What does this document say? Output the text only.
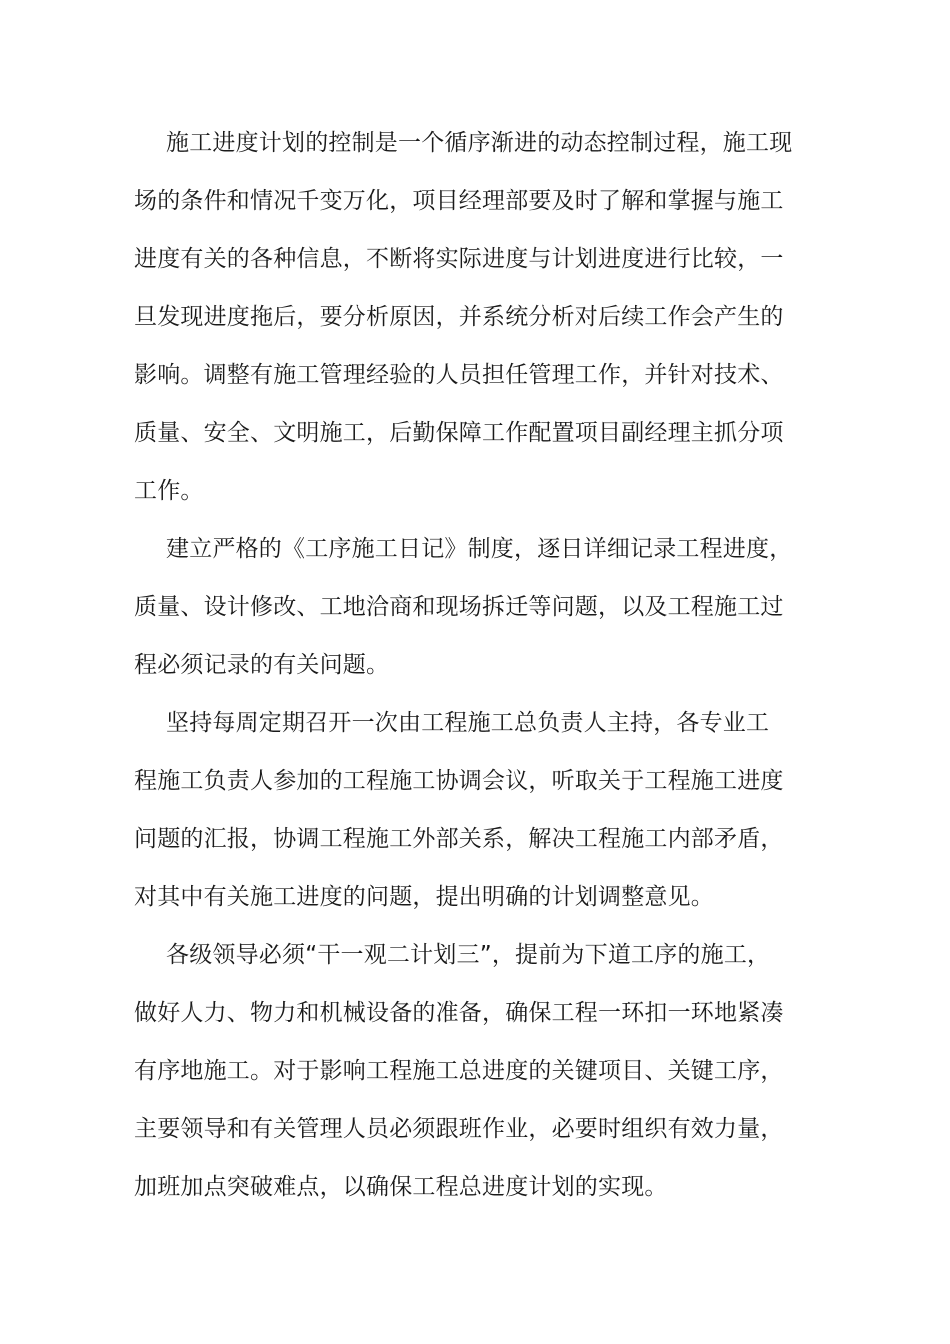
施工进度计划的控制是一个循序渐进的动态控制过程，施工现
场的条件和情况千变万化，项目经理部要及时了解和掌握与施工
进度有关的各种信息，不断将实际进度与计划进度进行比较，一
旦发现进度拖后，要分析原因，并系统分析对后续工作会产生的
影响。调整有施工管理经验的人员担任管理工作，并针对技术、
质量、安全、文明施工，后勤保障工作配置项目副经理主抓分项
工作。

建立严格的《工序施工日记》制度，逐日详细记录工程进度，
质量、设计修改、工地洽商和现场拆迁等问题，以及工程施工过
程必须记录的有关问题。

坚持每周定期召开一次由工程施工总负责人主持，各专业工
程施工负责人参加的工程施工协调会议，听取关于工程施工进度
问题的汇报，协调工程施工外部关系，解决工程施工内部矛盾，
对其中有关施工进度的问题，提出明确的计划调整意见。

各级领导必须“干一观二计划三”，提前为下道工序的施工，
做好人力、物力和机械设备的准备，确保工程一环扣一环地紧凑
有序地施工。对于影响工程施工总进度的关键项目、关键工序，
主要领导和有关管理人员必须跟班作业，必要时组织有效力量，
加班加点突破难点，以确保工程总进度计划的实现。
